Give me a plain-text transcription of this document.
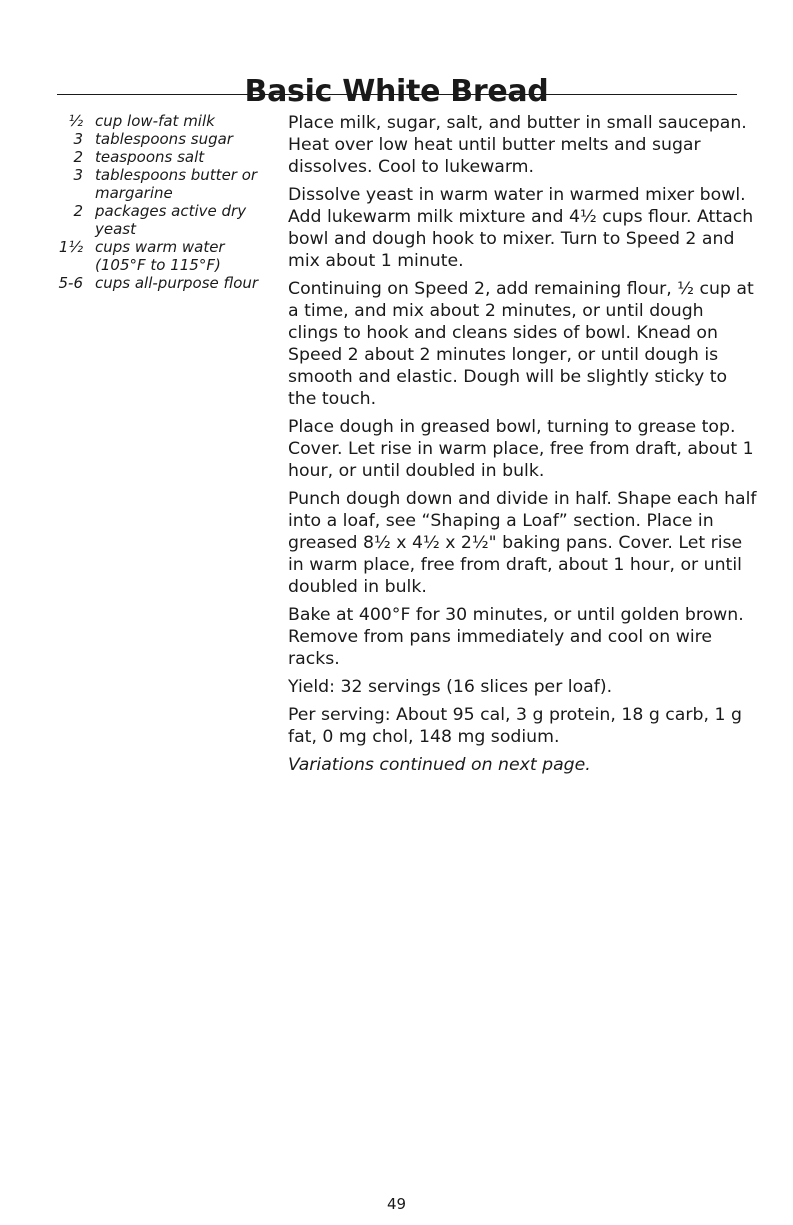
Basic White Bread
½ cup low-fat milk
3 tablespoons sugar
2 teaspoons salt
3 tablespoons butter or margarine
2 packages active dry yeast
1½ cups warm water (105°F to 115°F)
5-6 cups all-purpose flour

Place milk, sugar, salt, and butter in small saucepan. Heat over low heat until butter melts and sugar dissolves. Cool to lukewarm.

Dissolve yeast in warm water in warmed mixer bowl. Add lukewarm milk mixture and 4½ cups flour. Attach bowl and dough hook to mixer. Turn to Speed 2 and mix about 1 minute.

Continuing on Speed 2, add remaining flour, ½ cup at a time, and mix about 2 minutes, or until dough clings to hook and cleans sides of bowl. Knead on Speed 2 about 2 minutes longer, or until dough is smooth and elastic. Dough will be slightly sticky to the touch.

Place dough in greased bowl, turning to grease top. Cover. Let rise in warm place, free from draft, about 1 hour, or until doubled in bulk.

Punch dough down and divide in half. Shape each half into a loaf, see “Shaping a Loaf” section. Place in greased 8½ x 4½ x 2½" baking pans. Cover. Let rise in warm place, free from draft, about 1 hour, or until doubled in bulk.

Bake at 400°F for 30 minutes, or until golden brown. Remove from pans immediately and cool on wire racks.

Yield: 32 servings (16 slices per loaf).

Per serving: About 95 cal, 3 g protein, 18 g carb, 1 g fat, 0 mg chol, 148 mg sodium.

Variations continued on next page.

49
